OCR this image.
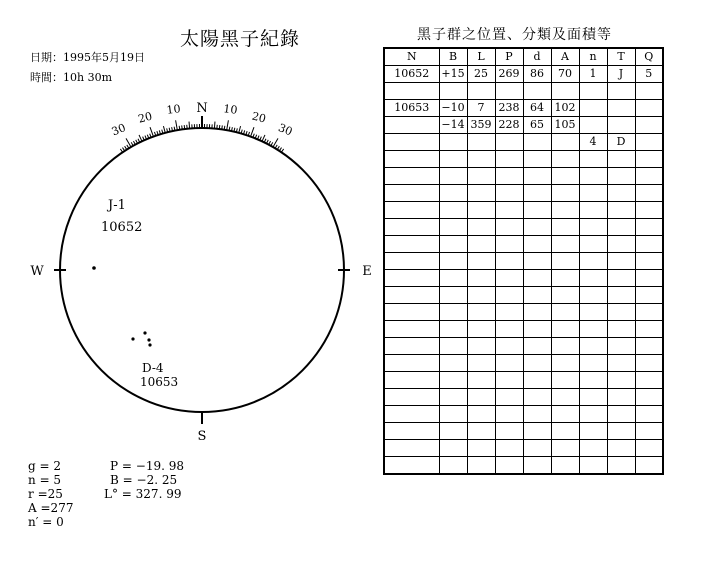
太陽黑子紀錄
日期：1995年5月19日
時間：10h 30m
N
S
W	E
30
20
10	10
20
30
J-1
10652
D-4
10653
g = 2
n = 5
r =25
A =277
n′ = 0
P = −19. 98
B = −2. 25
L° = 327. 99
黑子群之位置、分類及面積等
N	B	L	P	d	A	n	T	Q
10652	+15	25	269	86	70	1	J	5

10653	−10	7	238	64	102			
	−14	359	228	65	105			
						4	D	
